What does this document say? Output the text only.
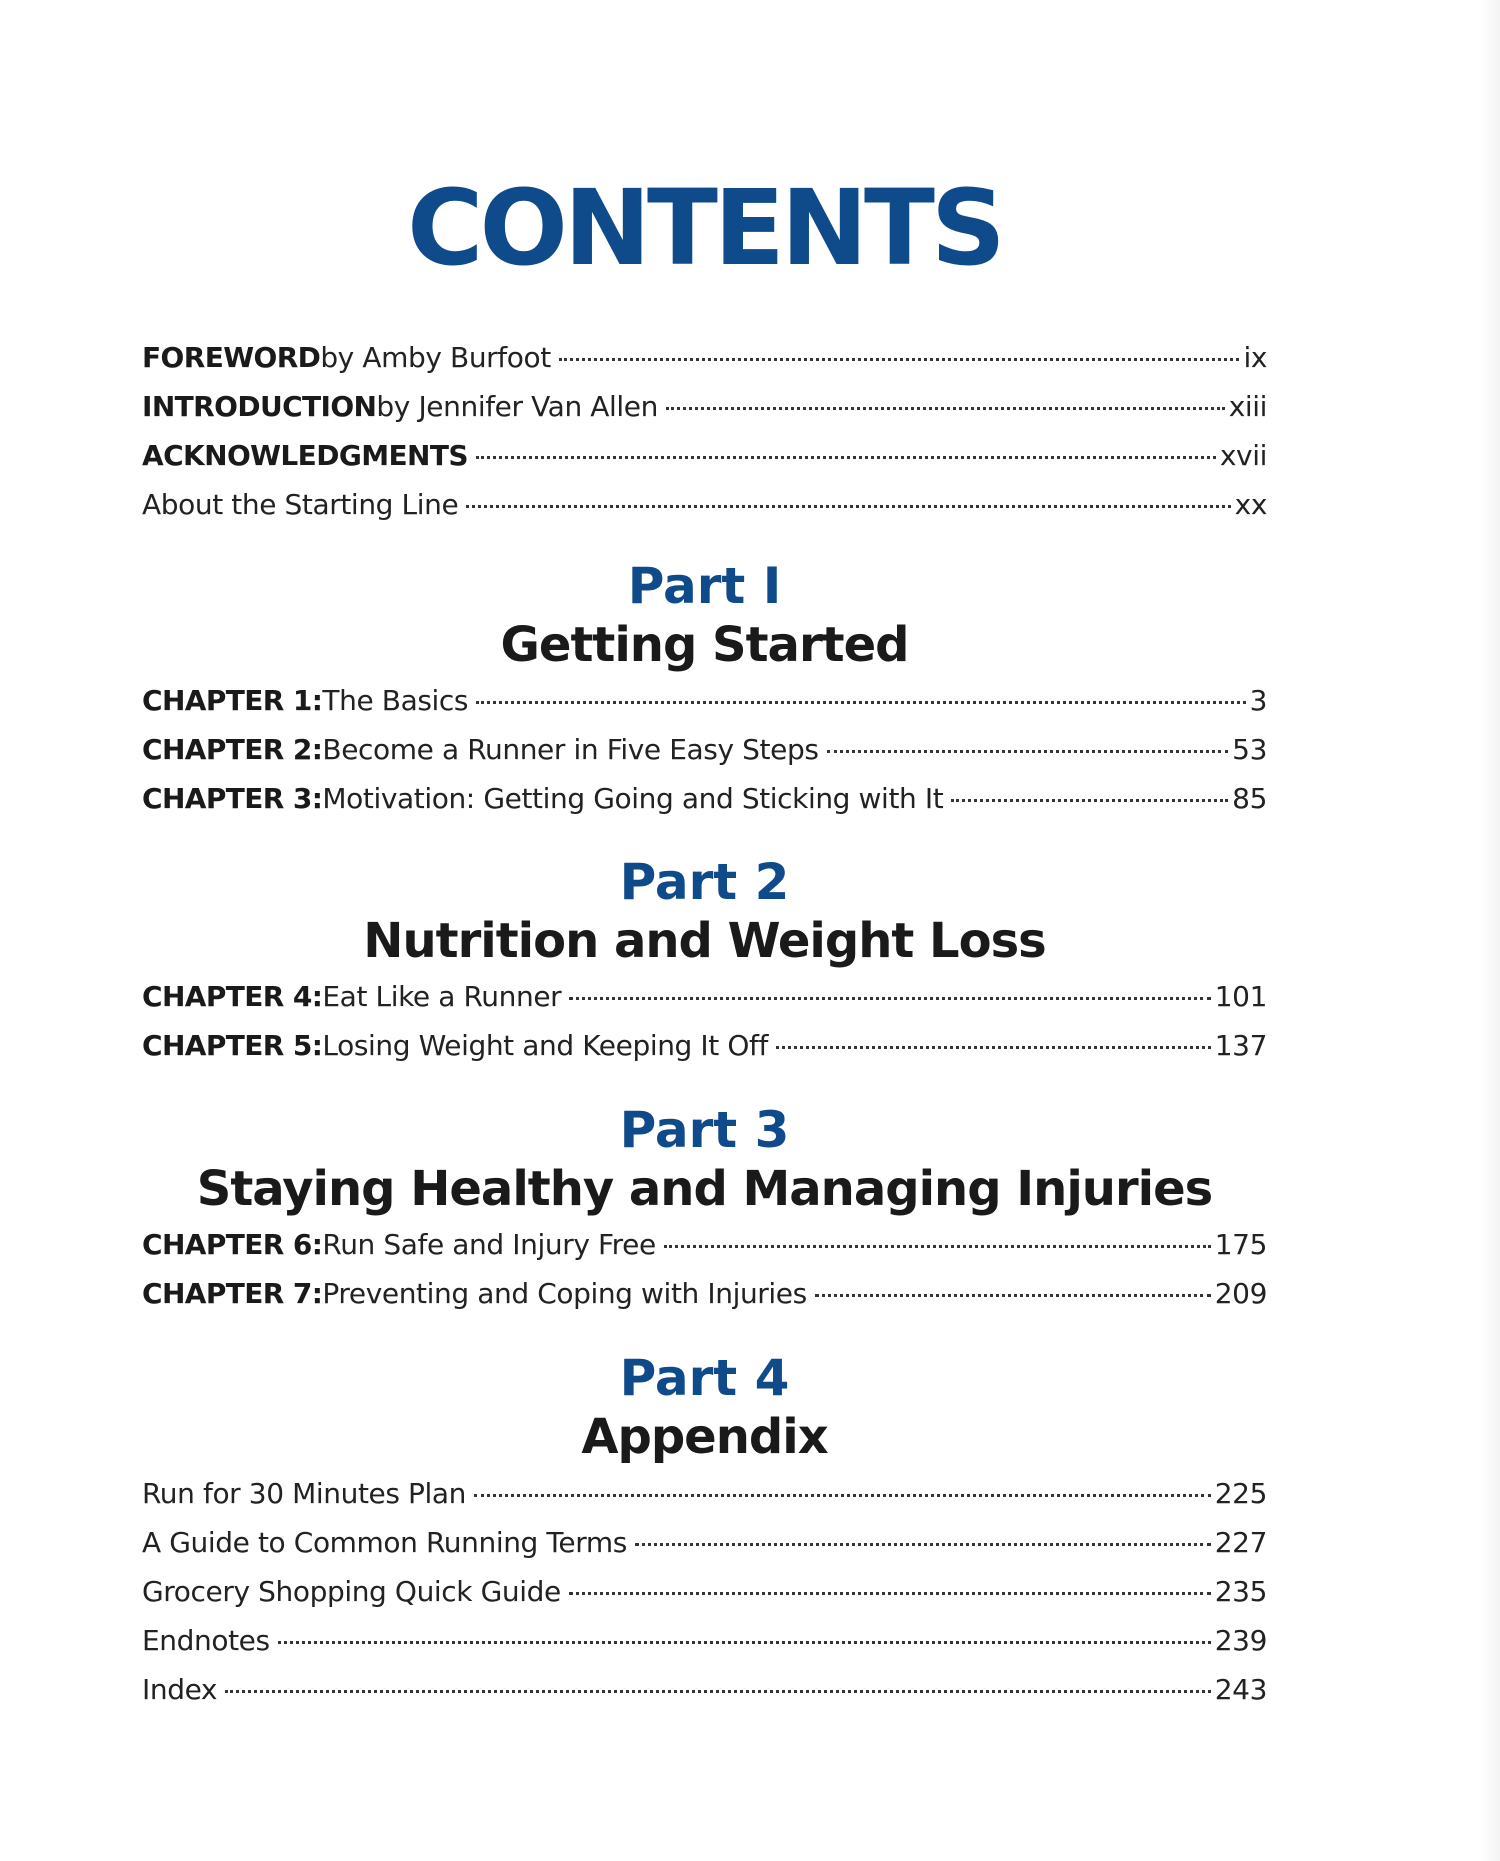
CONTENTS
FOREWORD by Amby Burfoot	ix
INTRODUCTION by Jennifer Van Allen	xiii
ACKNOWLEDGMENTS	xvii
About the Starting Line	xx
Part I
Getting Started
CHAPTER 1: The Basics	3
CHAPTER 2: Become a Runner in Five Easy Steps	53
CHAPTER 3: Motivation: Getting Going and Sticking with It	85
Part 2
Nutrition and Weight Loss
CHAPTER 4: Eat Like a Runner	101
CHAPTER 5: Losing Weight and Keeping It Off	137
Part 3
Staying Healthy and Managing Injuries
CHAPTER 6: Run Safe and Injury Free	175
CHAPTER 7: Preventing and Coping with Injuries	209
Part 4
Appendix
Run for 30 Minutes Plan	225
A Guide to Common Running Terms	227
Grocery Shopping Quick Guide	235
Endnotes	239
Index	243
